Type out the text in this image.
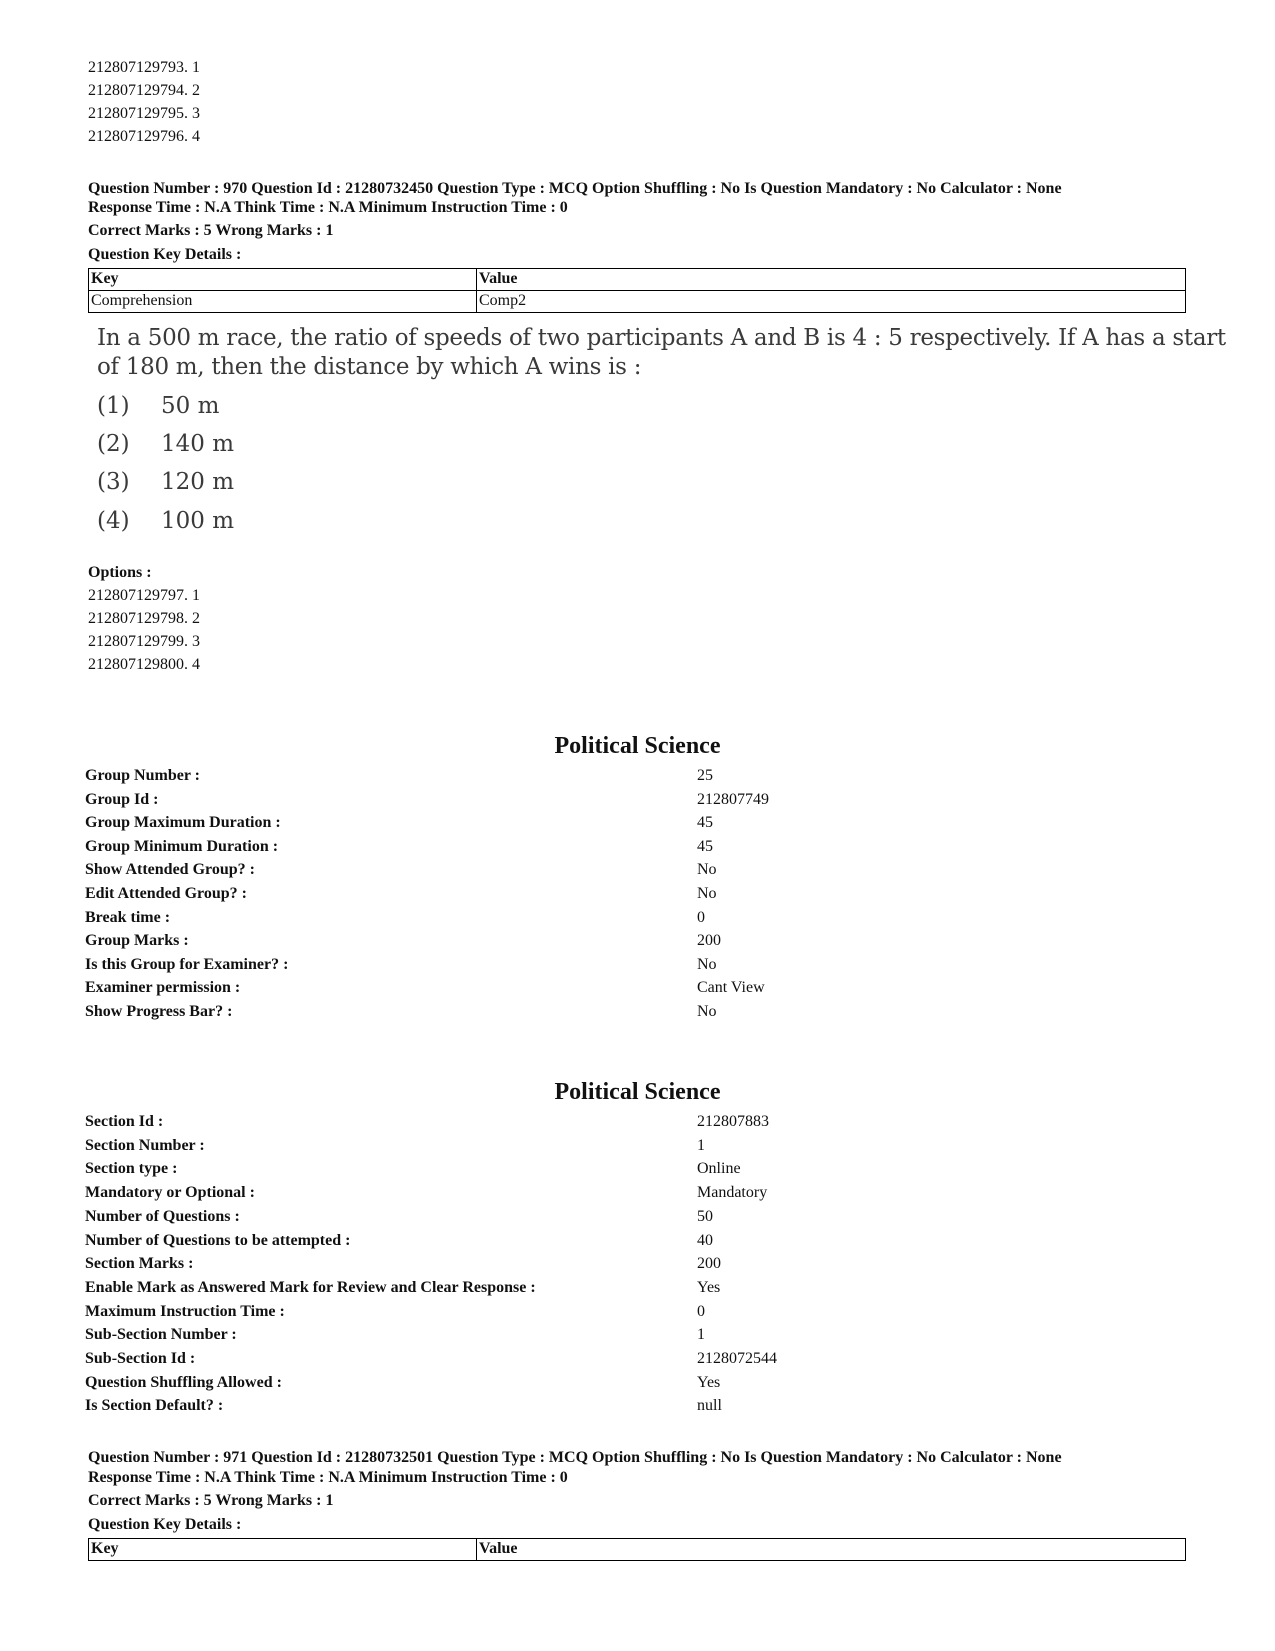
212807129793. 1
212807129794. 2
212807129795. 3
212807129796. 4
Question Number : 970 Question Id : 21280732450 Question Type : MCQ Option Shuffling : No Is Question Mandatory : No Calculator : None
Response Time : N.A Think Time : N.A Minimum Instruction Time : 0
Correct Marks : 5 Wrong Marks : 1
Question Key Details :
Key	Value
Comprehension	Comp2
In a 500 m race, the ratio of speeds of two participants A and B is 4 : 5 respectively. If A has a start
of 180 m, then the distance by which A wins is :
(1) 50 m
(2) 140 m
(3) 120 m
(4) 100 m
Options :
212807129797. 1
212807129798. 2
212807129799. 3
212807129800. 4
Political Science
Group Number :	25
Group Id :	212807749
Group Maximum Duration :	45
Group Minimum Duration :	45
Show Attended Group? :	No
Edit Attended Group? :	No
Break time :	0
Group Marks :	200
Is this Group for Examiner? :	No
Examiner permission :	Cant View
Show Progress Bar? :	No
Political Science
Section Id :	212807883
Section Number :	1
Section type :	Online
Mandatory or Optional :	Mandatory
Number of Questions :	50
Number of Questions to be attempted :	40
Section Marks :	200
Enable Mark as Answered Mark for Review and Clear Response :	Yes
Maximum Instruction Time :	0
Sub-Section Number :	1
Sub-Section Id :	2128072544
Question Shuffling Allowed :	Yes
Is Section Default? :	null
Question Number : 971 Question Id : 21280732501 Question Type : MCQ Option Shuffling : No Is Question Mandatory : No Calculator : None
Response Time : N.A Think Time : N.A Minimum Instruction Time : 0
Correct Marks : 5 Wrong Marks : 1
Question Key Details :
Key	Value
